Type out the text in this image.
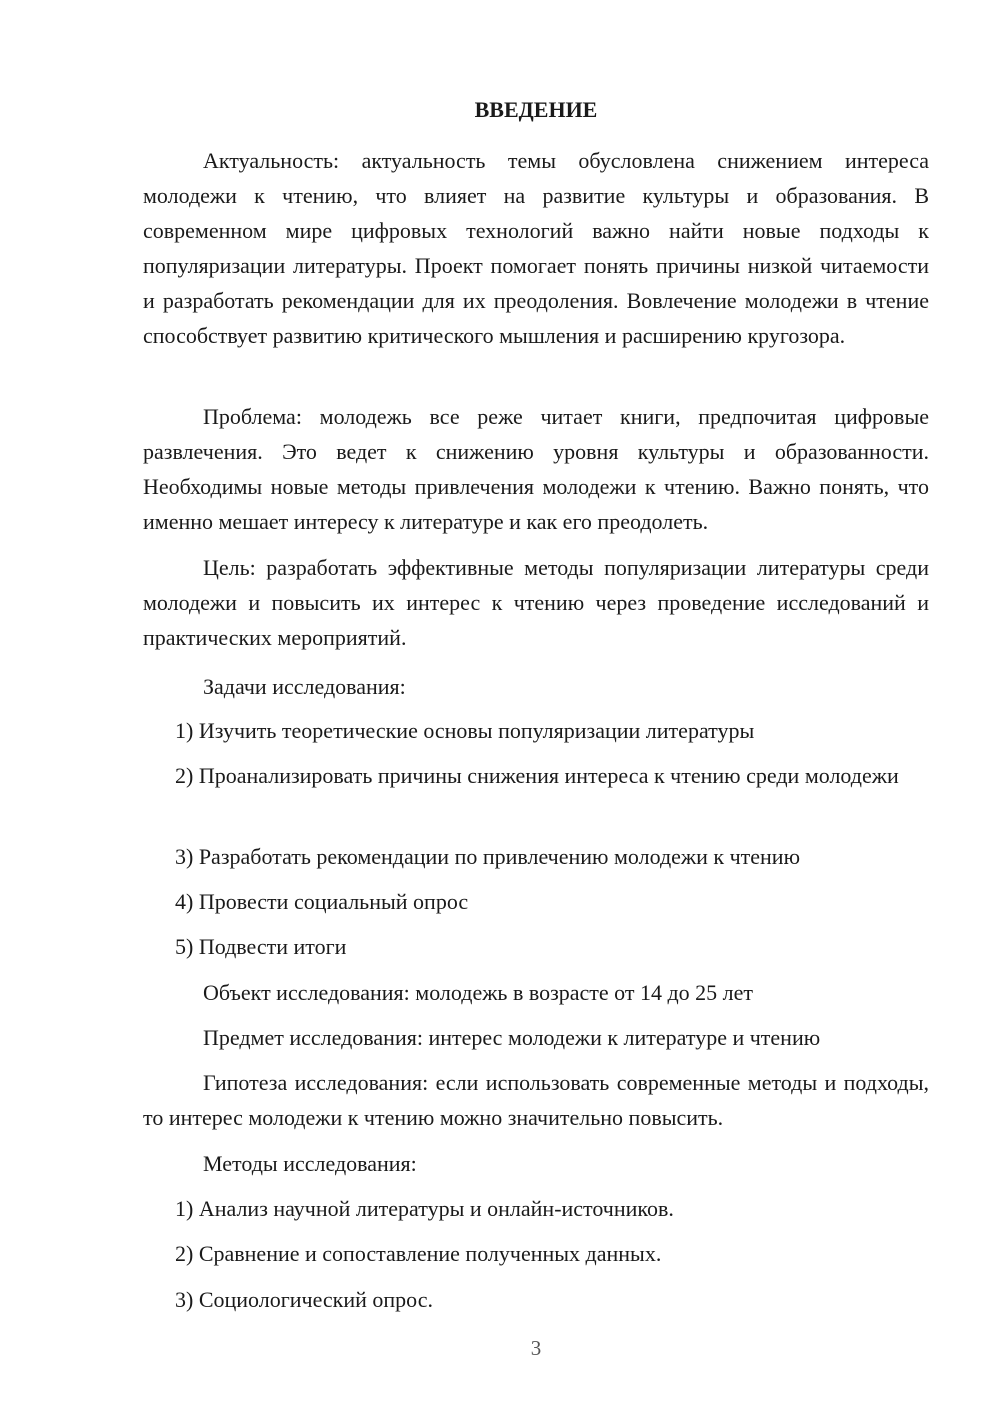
ВВЕДЕНИЕ

Актуальность: актуальность темы обусловлена снижением интереса молодежи к чтению, что влияет на развитие культуры и образования. В современном мире цифровых технологий важно найти новые подходы к популяризации литературы. Проект помогает понять причины низкой читаемости и разработать рекомендации для их преодоления. Вовлечение молодежи в чтение способствует развитию критического мышления и расширению кругозора.

Проблема: молодежь все реже читает книги, предпочитая цифровые развлечения. Это ведет к снижению уровня культуры и образованности. Необходимы новые методы привлечения молодежи к чтению. Важно понять, что именно мешает интересу к литературе и как его преодолеть.

Цель: разработать эффективные методы популяризации литературы среди молодежи и повысить их интерес к чтению через проведение исследований и практических мероприятий.

Задачи исследования:
1) Изучить теоретические основы популяризации литературы

2) Проанализировать причины снижения интереса к чтению среди молодежи

3) Разработать рекомендации по привлечению молодежи к чтению
4) Провести социальный опрос
5) Подвести итоги
Объект исследования: молодежь в возрасте от 14 до 25 лет
Предмет исследования: интерес молодежи к литературе и чтению

Гипотеза исследования: если использовать современные методы и подходы, то интерес молодежи к чтению можно значительно повысить.

Методы исследования:
1) Анализ научной литературы и онлайн-источников.
2) Сравнение и сопоставление полученных данных.
3) Социологический опрос.
3
